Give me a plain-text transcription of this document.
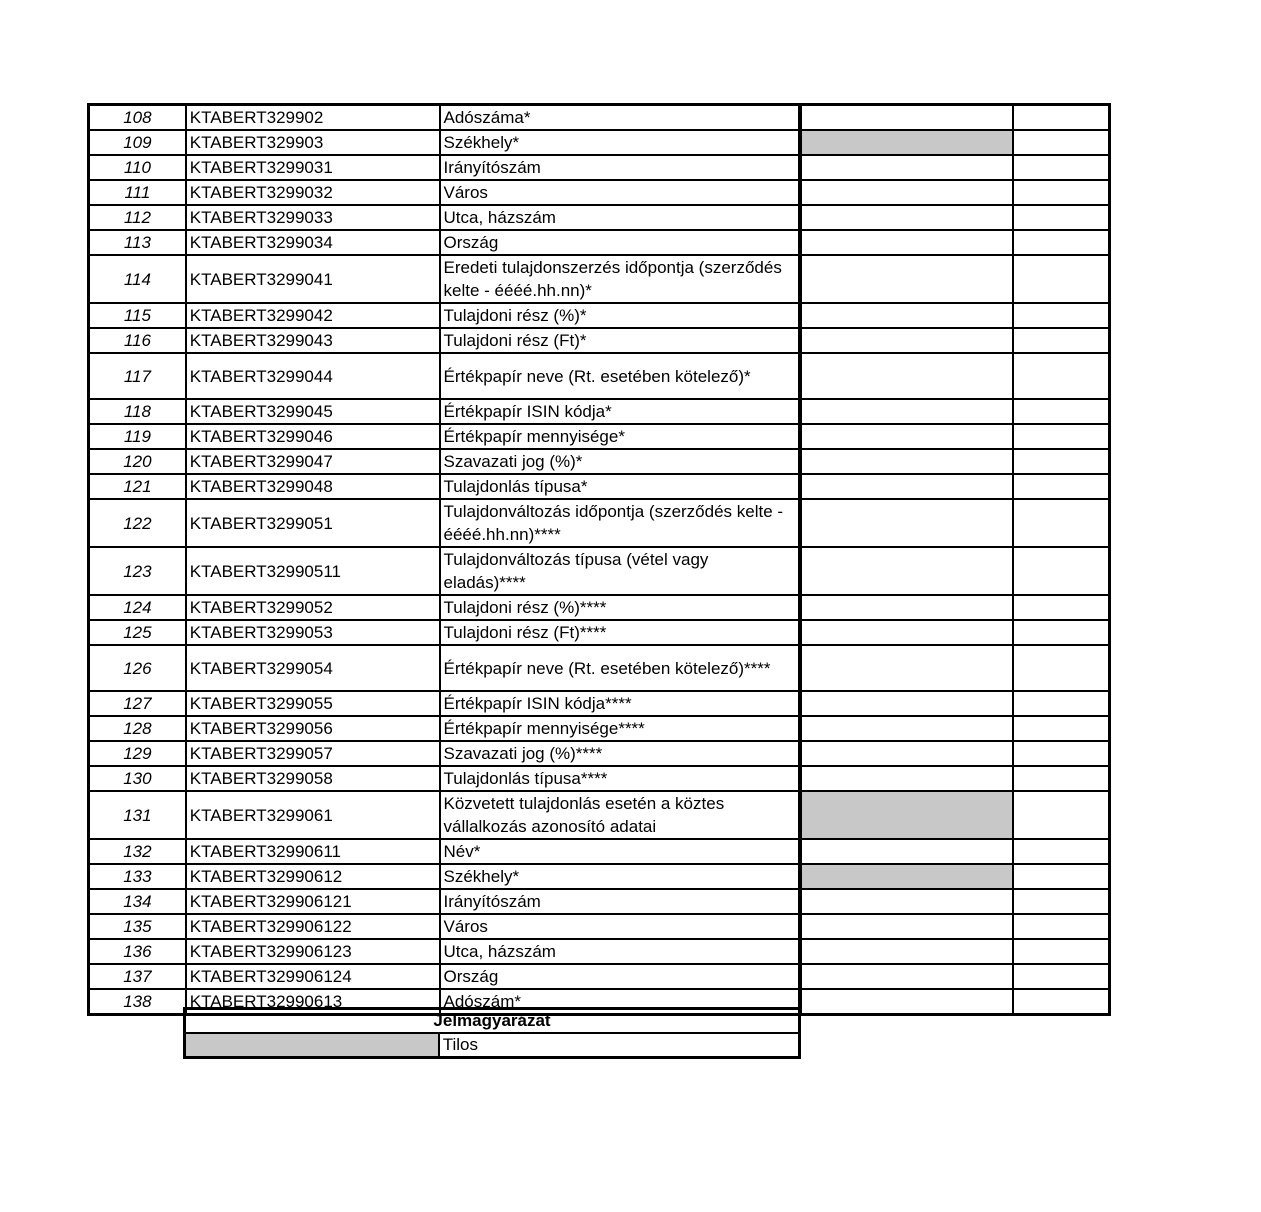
108	KTABERT329902	Adószáma*		
109	KTABERT329903	Székhely*		
110	KTABERT3299031	Irányítószám		
111	KTABERT3299032	Város		
112	KTABERT3299033	Utca, házszám		
113	KTABERT3299034	Ország		
114	KTABERT3299041	Eredeti tulajdonszerzés időpontja (szerződés kelte - éééé.hh.nn)*		
115	KTABERT3299042	Tulajdoni rész (%)*		
116	KTABERT3299043	Tulajdoni rész (Ft)*		
117	KTABERT3299044	Értékpapír neve (Rt. esetében kötelező)*		
118	KTABERT3299045	Értékpapír ISIN kódja*		
119	KTABERT3299046	Értékpapír mennyisége*		
120	KTABERT3299047	Szavazati jog (%)*		
121	KTABERT3299048	Tulajdonlás típusa*		
122	KTABERT3299051	Tulajdonváltozás időpontja (szerződés kelte - éééé.hh.nn)****		
123	KTABERT32990511	Tulajdonváltozás típusa (vétel vagy eladás)****		
124	KTABERT3299052	Tulajdoni rész (%)****		
125	KTABERT3299053	Tulajdoni rész (Ft)****		
126	KTABERT3299054	Értékpapír neve (Rt. esetében kötelező)****		
127	KTABERT3299055	Értékpapír ISIN kódja****		
128	KTABERT3299056	Értékpapír mennyisége****		
129	KTABERT3299057	Szavazati jog (%)****		
130	KTABERT3299058	Tulajdonlás típusa****		
131	KTABERT3299061	Közvetett tulajdonlás esetén a köztes vállalkozás azonosító adatai		
132	KTABERT32990611	Név*		
133	KTABERT32990612	Székhely*		
134	KTABERT329906121	Irányítószám		
135	KTABERT329906122	Város		
136	KTABERT329906123	Utca, házszám		
137	KTABERT329906124	Ország		
138	KTABERT32990613	Adószám*		
Jelmagyarázat
	Tilos
